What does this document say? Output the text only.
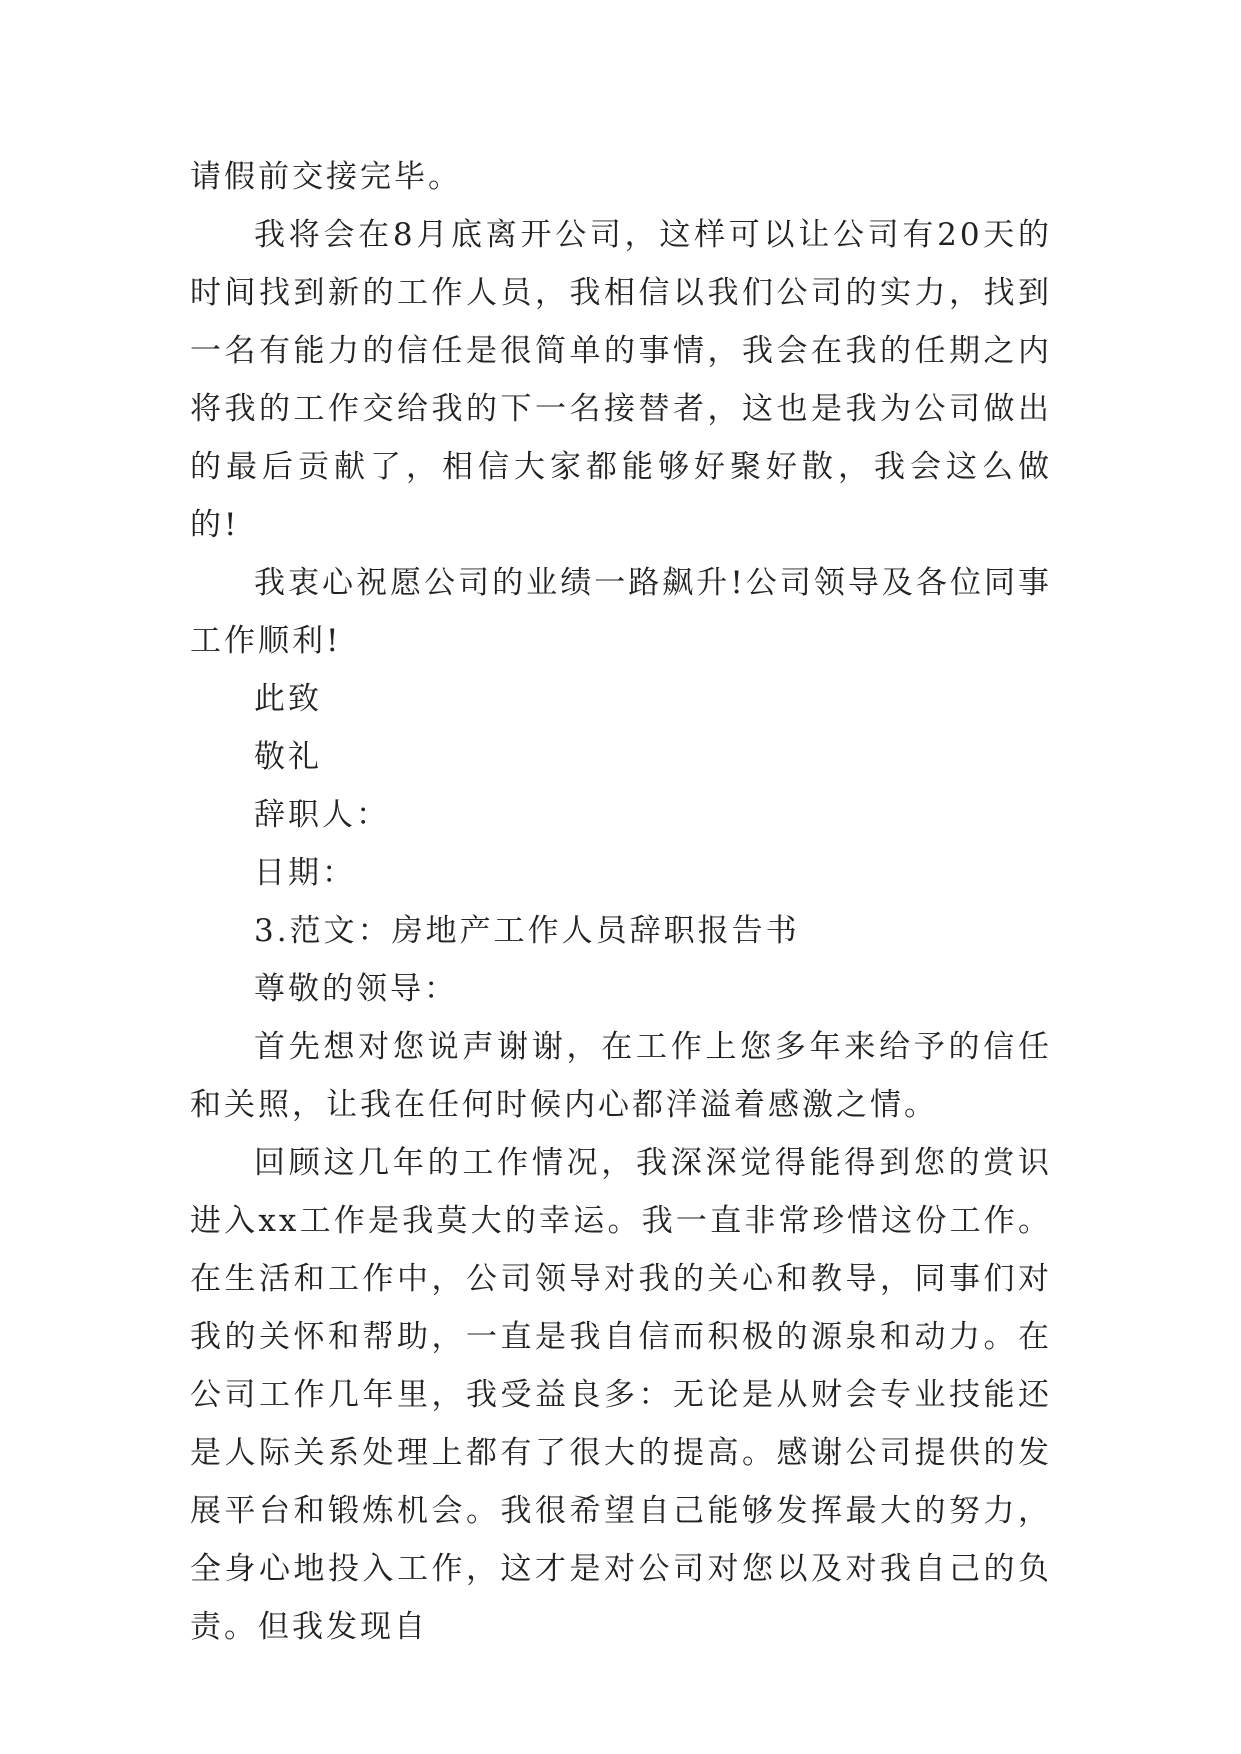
请假前交接完毕。

我将会在8月底离开公司，这样可以让公司有20天的时间找到新的工作人员，我相信以我们公司的实力，找到一名有能力的信任是很简单的事情，我会在我的任期之内将我的工作交给我的下一名接替者，这也是我为公司做出的最后贡献了，相信大家都能够好聚好散，我会这么做的!

我衷心祝愿公司的业绩一路飙升!公司领导及各位同事工作顺利!

此致

敬礼

辞职人：

日期：

3.范文：房地产工作人员辞职报告书

尊敬的领导：

首先想对您说声谢谢，在工作上您多年来给予的信任和关照，让我在任何时候内心都洋溢着感激之情。

回顾这几年的工作情况，我深深觉得能得到您的赏识进入xx工作是我莫大的幸运。我一直非常珍惜这份工作。在生活和工作中，公司领导对我的关心和教导，同事们对我的关怀和帮助，一直是我自信而积极的源泉和动力。在公司工作几年里，我受益良多：无论是从财会专业技能还是人际关系处理上都有了很大的提高。感谢公司提供的发展平台和锻炼机会。我很希望自己能够发挥最大的努力，全身心地投入工作，这才是对公司对您以及对我自己的负责。但我发现自
